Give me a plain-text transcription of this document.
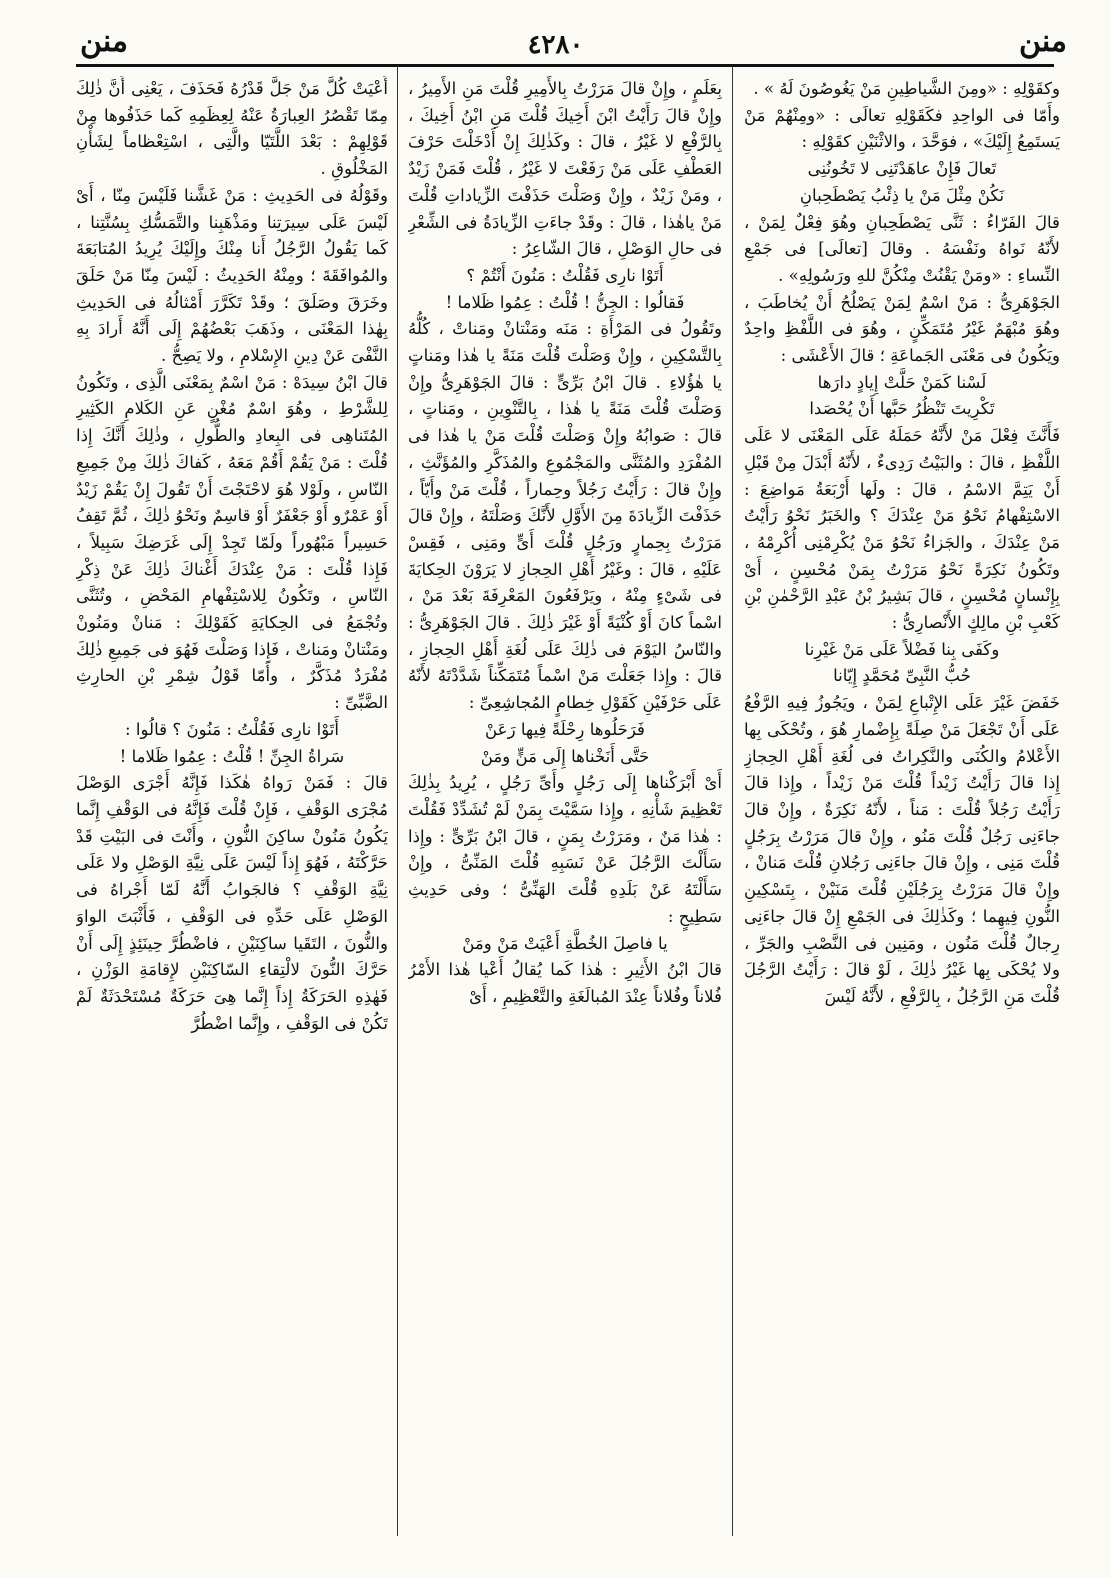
منن
٤٢٨٠
منن

وكقَوْلِهِ : «ومِنَ الشَّياطِينِ مَنْ يَغُوصُونَ لَهُ » .

وأَمّا فى الواحِدِ فكَقَوْلِهِ تعالَى : «ومِنْهُمْ مَنْ يَستَمِعُ إِلَيْكَ» ، فوَحَّدَ ، والاثْنَيْنِ كقَوْلِهِ :

تَعالَ فَإِنْ عاهَدْتَنِى لا تَخُونُنِى

نَكُنْ مِثْلَ مَنْ يا ذِئْبُ يَصْطَحِبانِ

قالَ الفَرّاءُ : ثَنَّى يَصْطَحِبانِ وهُوَ فِعْلٌ لِمَنْ ، لأَنّهُ نَواهُ ونَفْسَهُ . وقالَ [تعالَى] فى جَمْعِ النِّساءِ : «ومَنْ يَقْنُتْ مِنْكُنَّ للهِ ورَسُولِهِ» .

الجَوْهَرِىُّ : مَنْ اسْمٌ لِمَنْ يَصْلُحُ أَنْ يُخاطَبَ ، وهُوَ مُبْهَمٌ غَيْرُ مُتَمَكِّنٍ ، وهُوَ فى اللَّفْظِ واحِدٌ ويَكُونُ فى مَعْنَى الجَماعَةِ ؛ قالَ الأَعْشَى :

لَسْنا كَمَنْ حَلَّتْ إِيادٍ دارَها

تَكْرِيتَ تَنْظُرُ حَبَّها أَنْ يُحْصَدا

فَأَنَّثَ فِعْلَ مَنْ لأَنَّهُ حَمَلَهُ عَلَى المَعْنَى لا عَلَى اللَّفْظِ ، قالَ : والبَيْتُ رَدِىءٌ ، لأَنّهُ أَبْدَلَ مِنْ قَبْلِ أَنْ يَتِمَّ الاسْمُ ، قالَ : ولَها أَرْبَعَةُ مَواضِعَ : الاسْتِفْهامُ نَحْوُ مَنْ عِنْدَكَ ؟ والخَبَرُ نَحْوُ رَأَيْتُ مَنْ عِنْدَكَ ، والجَزاءُ نَحْوُ مَنْ يُكْرِمْنِى أُكْرِمْهُ ، وتَكُونُ نَكِرَةً نَحْوُ مَرَرْتُ بِمَنْ مُحْسِنٍ ، أَىْ بِإِنْسانٍ مُحْسِنٍ ، قالَ بَشِيرُ بْنُ عَبْدِ الرَّحْمٰنِ بْنِ كَعْبِ بْنِ مالِكٍ الأَنْصارِىُّ :

وكَفَى بِنا فَضْلاً عَلَى مَنْ غَيْرِنا

حُبُّ النَّبِىِّ مُحَمَّدٍ إِيّانا

خَفَضَ غَيْرَ عَلَى الإِتْباعِ لِمَنْ ، ويَجُوزُ فِيهِ الرَّفْعُ عَلَى أَنْ تَجْعَلَ مَنْ صِلَةً بِإِضْمارِ هُوَ ، وتُحْكَى بِها الأَعْلامُ والكُنَى والنَّكِراتُ فى لُغَةِ أَهْلِ الحِجازِ إِذا قالَ رَأَيْتُ زَيْداً قُلْتَ مَنْ زَيْداً ، وإِذا قالَ رَأَيْتُ رَجُلاً قُلْتَ : مَناً ، لأَنّهُ نَكِرَةٌ ، وإِنْ قالَ جاءَنِى رَجُلٌ قُلْتَ مَنُو ، وإِنْ قالَ مَرَرْتُ بِرَجُلٍ قُلْتَ مَنِى ، وإِنْ قالَ جاءَنِى رَجُلانِ قُلْتَ مَنانْ ، وإِنْ قالَ مَرَرْتُ بِرَجُلَيْنِ قُلْتَ مَنَيْنْ ، بِتَسْكِينِ النُّونِ فِيهِما ؛ وكَذٰلِكَ فى الجَمْعِ إِنْ قالَ جاءَنِى رِجالٌ قُلْتَ مَنُون ، ومَنِين فى النَّصْبِ والجَرِّ ، ولا يُحْكَى بِها غَيْرُ ذٰلِكَ ، لَوْ قالَ : رَأَيْتُ الرَّجُلَ قُلْتَ مَنِ الرَّجُلُ ، بِالرَّفْعِ ، لأَنَّهُ لَيْسَ

بِعَلَمٍ ، وإِنْ قالَ مَرَرْتُ بِالأَمِيرِ قُلْتَ مَنِ الأَمِيرُ ، وإِنْ قالَ رَأَيْتُ ابْنَ أَخِيكَ قُلْتَ مَنِ ابْنُ أَخِيكَ ، بِالرَّفْعِ لا غَيْرُ ، قالَ : وكَذٰلِكَ إِنْ أَدْخَلْتَ حَرْفَ العَطْفِ عَلَى مَنْ رَفَعْتَ لا غَيْرُ ، قُلْتَ فَمَنْ زَيْدٌ ، ومَنْ زَيْدٌ ، وإِنْ وَصَلْتَ حَذَفْتَ الزِّياداتِ قُلْتَ مَنْ ياهٰذا ، قالَ : وقَدْ جاءَتِ الزِّيادَةُ فى الشِّعْرِ فى حالِ الوَصْلِ ، قالَ الشّاعِرُ :

أَتَوْا نارِى فَقُلْتُ : مَنُونَ أَنْتُمْ ؟

فَقالُوا : الجِنُّ ! قُلْتُ : عِمُوا ظَلاما !

وتَقُولُ فى المَرْأَةِ : مَنَه ومَنْتانْ ومَناتْ ، كُلُّهُ بِالتَّسْكِينِ ، وإِنْ وَصَلْتَ قُلْتَ مَنَةً يا هٰذا ومَناتٍ يا هٰؤُلاءِ . قالَ ابْنُ بَرِّىٍّ : قالَ الجَوْهَرِىُّ وإِنْ وَصَلْتَ قُلْتَ مَنَةً يا هٰذا ، بِالتَّنْوِينِ ، ومَناتٍ ، قالَ : صَوابُهُ وإِنْ وَصَلْتَ قُلْتَ مَنْ يا هٰذا فى المُفْرَدِ والمُثَنَّى والمَجْمُوعِ والمُذَكَّرِ والمُؤَنَّثِ ، وإِنْ قالَ : رَأَيْتُ رَجُلاً وحِماراً ، قُلْتَ مَنْ وأَيّاً ، حَذَفْتَ الزِّيادَةَ مِنَ الأَوَّلِ لأَنَّكَ وَصَلْتَهُ ، وإِنْ قالَ مَرَرْتُ بِحِمارٍ ورَجُلٍ قُلْتَ أَىٍّ ومَنِى ، فَقِسْ عَلَيْهِ ، قالَ : وغَيْرُ أَهْلِ الحِجازِ لا يَرَوْنَ الحِكايَةَ فى شَىْءٍ مِنْهُ ، ويَرْفَعُونَ المَعْرِفَةَ بَعْدَ مَنْ ، اسْماً كانَ أَوْ كُنْيَةً أَوْ غَيْرَ ذٰلِكَ . قالَ الجَوْهَرِىُّ : والنّاسُ اليَوْمَ فى ذٰلِكَ عَلَى لُغَةِ أَهْلِ الحِجازِ ، قالَ : وإِذا جَعَلْتَ مَنْ اسْماً مُتَمَكِّناً شَدَّدْتَهُ لأَنّهُ عَلَى حَرْفَيْنِ كَقَوْلِ خِطامٍ المُجاشِعِىِّ :

فَرَحَلُوها رِحْلَةً فِيها رَعَنْ

حَتَّى أَنَخْناها إِلَى مَنٍّ ومَنْ

أَىْ أَبْرَكْناها إِلَى رَجُلٍ وأَىِّ رَجُلٍ ، يُرِيدُ بِذٰلِكَ تَعْظِيمَ شَأْنِهِ ، وإِذا سَمَّيْتَ بِمَنْ لَمْ تُشَدِّدْ فَقُلْتَ : هٰذا مَنٌ ، ومَرَرْتُ بِمَنٍ ، قالَ ابْنُ بَرِّىٍّ : وإِذا سَأَلْتَ الرَّجُلَ عَنْ نَسَبِهِ قُلْتَ المَنِّىُّ ، وإِنْ سَأَلْتَهُ عَنْ بَلَدِهِ قُلْتَ الهَنِّىُّ ؛ وفى حَدِيثِ سَطِيحٍ :

يا فاصِلَ الخُطَّةِ أَعْيَتْ مَنْ ومَنْ

قالَ ابْنُ الأَثِيرِ : هٰذا كَما يُقالُ أَعْيا هٰذا الأَمْرُ فُلاناً وفُلاناً عِنْدَ المُبالَغَةِ والتَّعْظِيمِ ، أَىْ

أَعْيَتْ كُلَّ مَنْ جَلَّ قَدْرُهُ فَحَذَفَ ، يَعْنِى أَنَّ ذٰلِكَ مِمّا تَقْصُرُ العِبارَةُ عَنْهُ لِعِظَمِهِ كَما حَذَفُوها مِنْ قَوْلِهِمْ : بَعْدَ اللَّتَيّا والَّتِى ، اسْتِعْظاماً لِشَأْنِ المَخْلُوقِ .

وقَوْلُهُ فى الحَدِيثِ : مَنْ غَشَّنا فَلَيْسَ مِنّا ، أَىْ لَيْسَ عَلَى سِيرَتِنا ومَذْهَبِنا والتَّمَسُّكِ بِسُنَّتِنا ، كَما يَقُولُ الرَّجُلُ أَنا مِنْكَ وإِلَيْكَ يُرِيدُ المُتابَعَةَ والمُوافَقَةَ ؛ ومِنْهُ الحَدِيثُ : لَيْسَ مِنّا مَنْ حَلَقَ وخَرَقَ وصَلَقَ ؛ وقَدْ تَكَرَّرَ أَمْثالُهُ فى الحَدِيثِ بِهٰذا المَعْنَى ، وذَهَبَ بَعْضُهُمْ إِلَى أَنَّهُ أَرادَ بِهِ النَّفْىَ عَنْ دِينِ الإِسْلامِ ، ولا يَصِحُّ .

قالَ ابْنُ سِيدَهْ : مَنْ اسْمٌ بِمَعْنَى الَّذِى ، وتَكُونُ لِلشَّرْطِ ، وهُوَ اسْمٌ مُغْنٍ عَنِ الكَلامِ الكَثِيرِ المُتَناهِى فى البِعادِ والطُّولِ ، وذٰلِكَ أَنَّكَ إِذا قُلْتَ : مَنْ يَقُمْ أَقُمْ مَعَهُ ، كَفاكَ ذٰلِكَ مِنْ جَمِيعِ النّاسِ ، ولَوْلا هُوَ لاحْتَجْتَ أَنْ تَقُولَ إِنْ يَقُمْ زَيْدٌ أَوْ عَمْرٌو أَوْ جَعْفَرٌ أَوْ قاسِمٌ ونَحْوُ ذٰلِكَ ، ثُمَّ تَقِفُ حَسِيراً مَبْهُوراً ولَمّا تَجِدْ إِلَى غَرَضِكَ سَبِيلاً ، فَإِذا قُلْتَ : مَنْ عِنْدَكَ أَغْناكَ ذٰلِكَ عَنْ ذِكْرِ النّاسِ ، وتَكُونُ لِلاسْتِفْهامِ المَحْضِ ، وتُثَنَّى وتُجْمَعُ فى الحِكايَةِ كَقَوْلِكَ : مَنانْ ومَنُونْ ومَنْتانْ ومَناتْ ، فَإِذا وَصَلْتَ فَهُوَ فى جَمِيعِ ذٰلِكَ مُفْرَدٌ مُذَكَّرٌ ، وأَمّا قَوْلُ شِمْرِ بْنِ الحارِثِ الضَّبِّىِّ :

أَتَوْا نارِى فَقُلْتُ : مَنُونَ ؟ قالُوا :

سَراةُ الجِنِّ ! قُلْتُ : عِمُوا ظَلاما !

قالَ : فَمَنْ رَواهُ هٰكَذا فَإِنَّهُ أَجْرَى الوَصْلَ مُجْرَى الوَقْفِ ، فَإِنْ قُلْتَ فَإِنَّهُ فى الوَقْفِ إِنَّما يَكُونُ مَنُونْ ساكِنَ النُّونِ ، وأَنْتَ فى البَيْتِ قَدْ حَرَّكْتَهُ ، فَهُوَ إِذاً لَيْسَ عَلَى نِيَّةِ الوَصْلِ ولا عَلَى نِيَّةِ الوَقْفِ ؟ فالجَوابُ أَنَّهُ لَمّا أَجْراهُ فى الوَصْلِ عَلَى حَدِّهِ فى الوَقْفِ ، فَأَثْبَتَ الواوَ والنُّونَ ، التَقَيا ساكِنَيْنِ ، فاضْطُرَّ حِينَئِذٍ إِلَى أَنْ حَرَّكَ النُّونَ لالْتِقاءِ السّاكِنَيْنِ لإِقامَةِ الوَزْنِ ، فَهٰذِهِ الحَرَكَةُ إِذاً إِنَّما هِىَ حَرَكَةٌ مُسْتَحْدَثَةٌ لَمْ تَكُنْ فى الوَقْفِ ، وإِنَّما اضْطُرَّ
